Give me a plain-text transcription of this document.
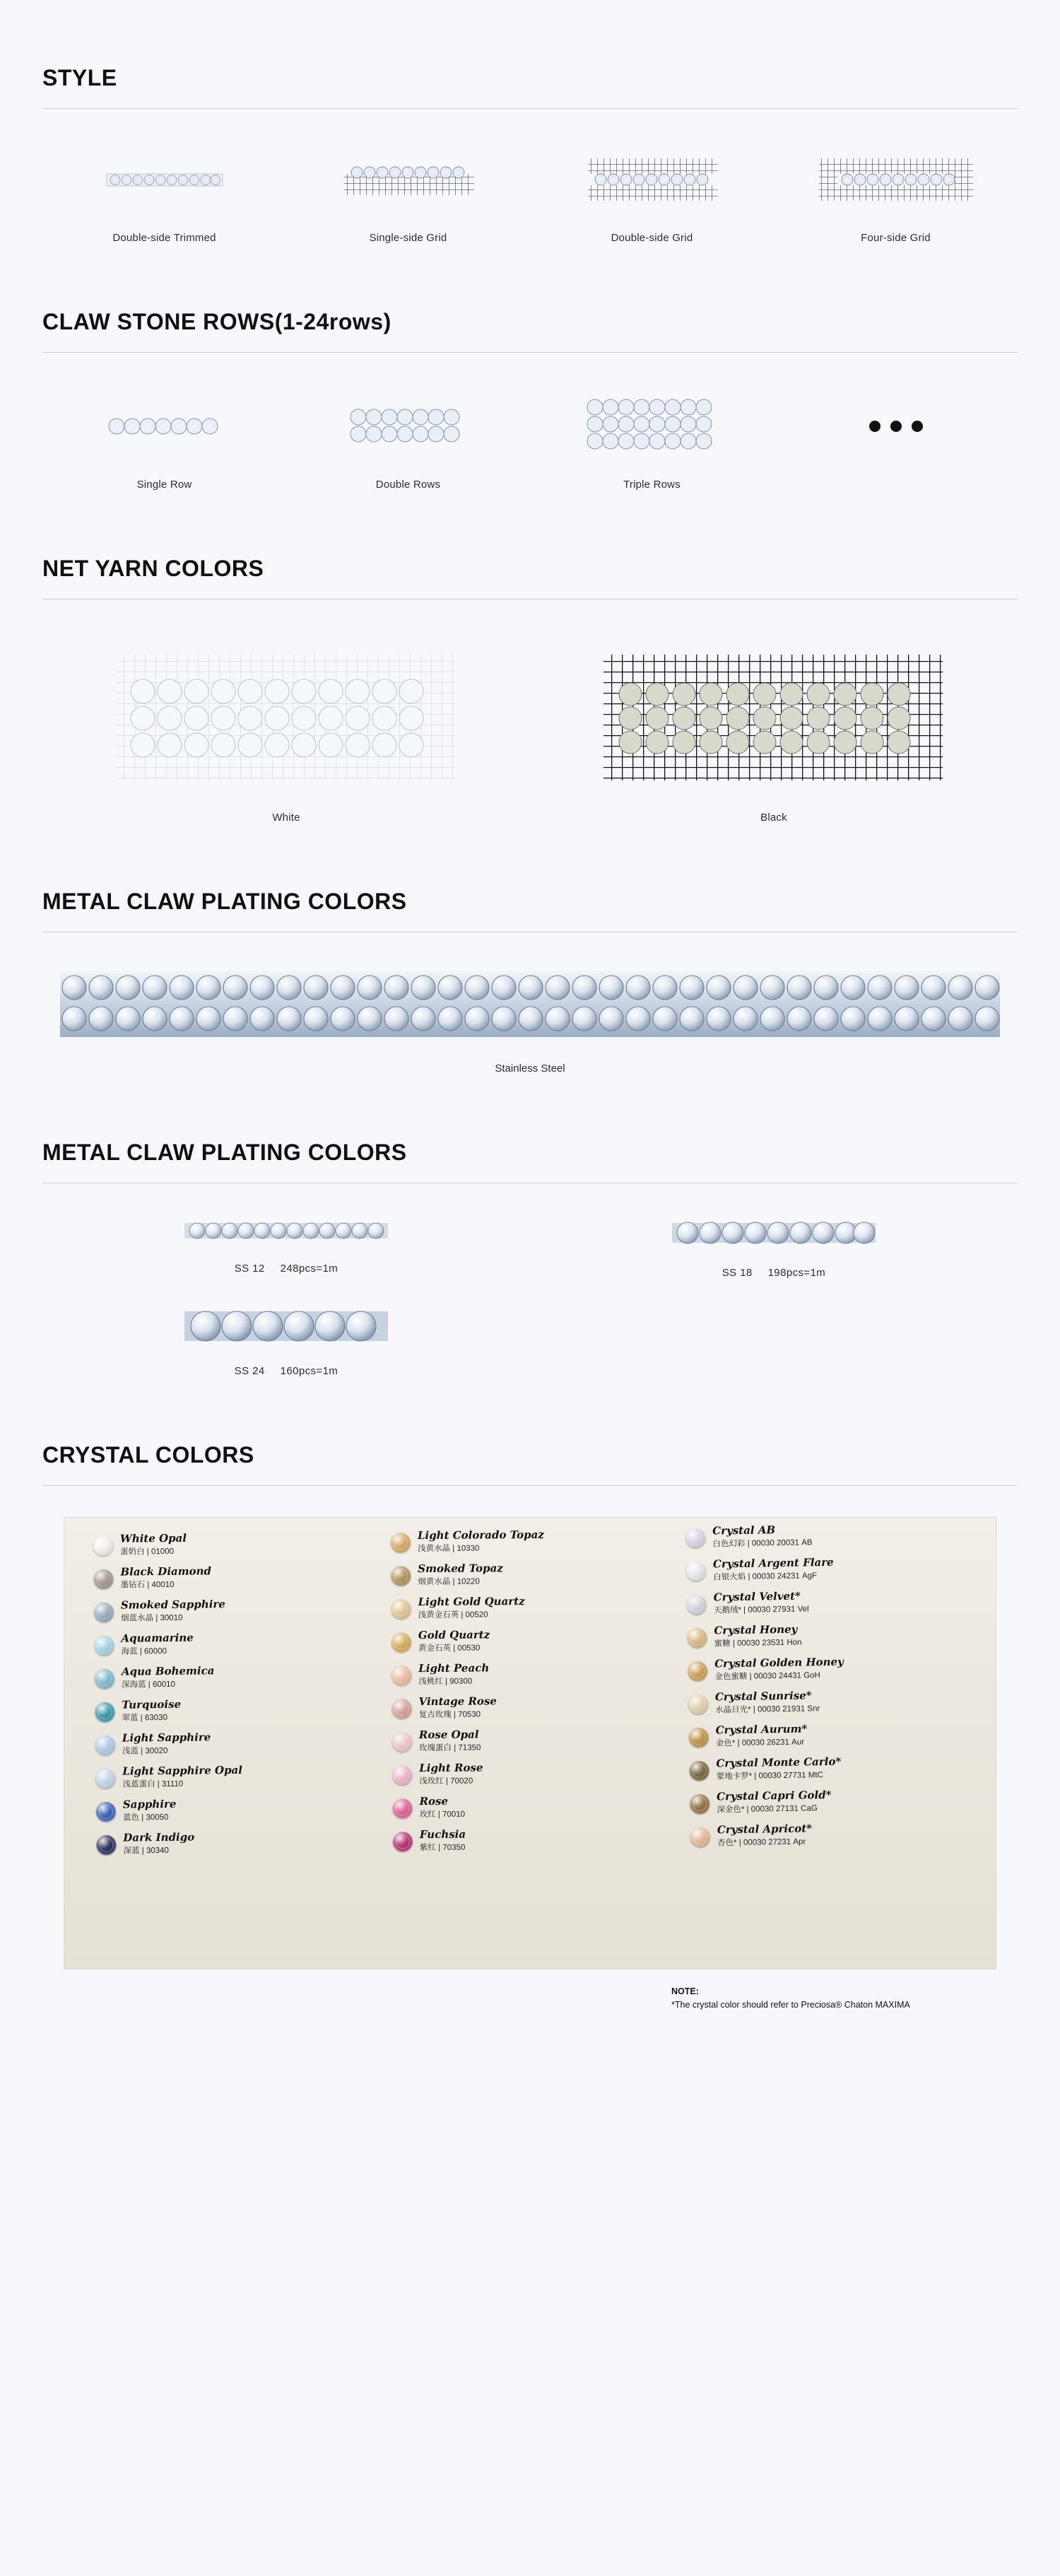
STYLE
Double-side Trimmed	Single-side Grid	Double-side Grid	Four-side Grid
CLAW STONE ROWS(1-24rows)
Single Row	Double Rows	Triple Rows
NET YARN COLORS
White	Black
METAL CLAW PLATING COLORS
Stainless Steel
METAL CLAW PLATING COLORS
SS 12 248pcs=1m	SS 18 198pcs=1m
SS 24 160pcs=1m
CRYSTAL COLORS
White Opal
蛋奶白 | 01000
Black Diamond
墨钻石 | 40010
Smoked Sapphire
烟蓝水晶 | 30010
Aquamarine
海蓝 | 60000
Aqua Bohemica
深海蓝 | 60010
Turquoise
翠蓝 | 63030
Light Sapphire
浅蓝 | 30020
Light Sapphire Opal
浅蓝蛋白 | 31110
Sapphire
蓝色 | 30050
Dark Indigo
深蓝 | 30340
Light Colorado Topaz
浅黄水晶 | 10330
Smoked Topaz
烟黄水晶 | 10220
Light Gold Quartz
浅黄金石英 | 00520
Gold Quartz
黄金石英 | 00530
Light Peach
浅桃红 | 90300
Vintage Rose
复古玫瑰 | 70530
Rose Opal
玫瑰蛋白 | 71350
Light Rose
浅玫红 | 70020
Rose
玫红 | 70010
Fuchsia
紫红 | 70350
Crystal AB
白色幻彩 | 00030 20031 AB
Crystal Argent Flare
白银火焰 | 00030 24231 AgF
Crystal Velvet*
天鹅绒* | 00030 27931 Vel
Crystal Honey
蜜糖 | 00030 23531 Hon
Crystal Golden Honey
金色蜜糖 | 00030 24431 GoH
Crystal Sunrise*
水晶日光* | 00030 21931 Snr
Crystal Aurum*
金色* | 00030 26231 Aur
Crystal Monte Carlo*
蒙地卡罗* | 00030 27731 MtC
Crystal Capri Gold*
深金色* | 00030 27131 CaG
Crystal Apricot*
杏色* | 00030 27231 Apr
NOTE:
*The crystal color should refer to Preciosa® Chaton MAXIMA
